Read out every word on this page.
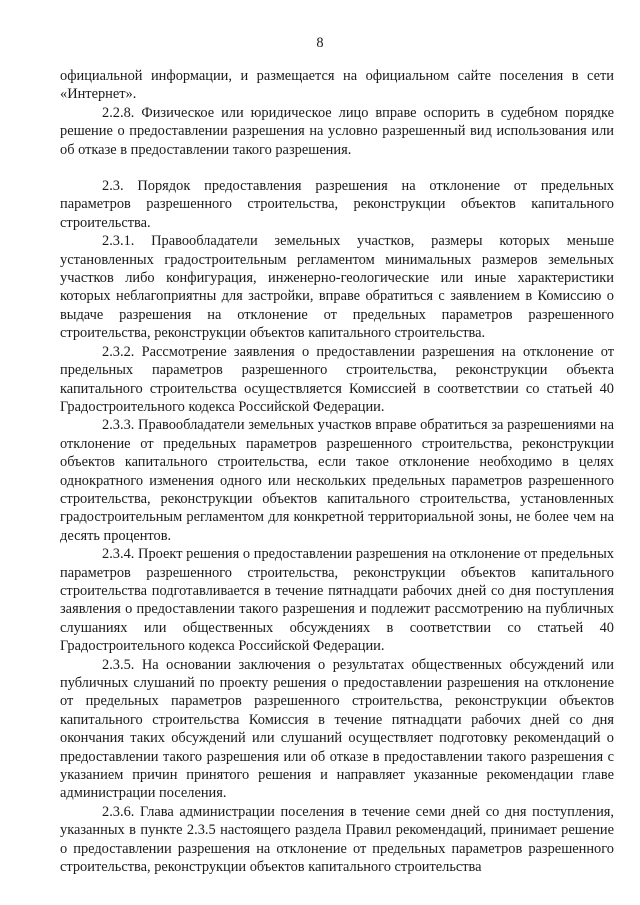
8

официальной информации, и размещается на официальном сайте поселения в сети «Интернет».

2.2.8. Физическое или юридическое лицо вправе оспорить в судебном порядке решение о предоставлении разрешения на условно разрешенный вид использования или об отказе в предоставлении такого разрешения.

2.3. Порядок предоставления разрешения на отклонение от предельных параметров разрешенного строительства, реконструкции объектов капитального строительства.

2.3.1. Правообладатели земельных участков, размеры которых меньше установленных градостроительным регламентом минимальных размеров земельных участков либо конфигурация, инженерно-геологические или иные характеристики которых неблагоприятны для застройки, вправе обратиться с заявлением в Комиссию о выдаче разрешения на отклонение от предельных параметров разрешенного строительства, реконструкции объектов капитального строительства.

2.3.2. Рассмотрение заявления о предоставлении разрешения на отклонение от предельных параметров разрешенного строительства, реконструкции объекта капитального строительства осуществляется Комиссией в соответствии со статьей 40 Градостроительного кодекса Российской Федерации.

2.3.3. Правообладатели земельных участков вправе обратиться за разрешениями на отклонение от предельных параметров разрешенного строительства, реконструкции объектов капитального строительства, если такое отклонение необходимо в целях однократного изменения одного или нескольких предельных параметров разрешенного строительства, реконструкции объектов капитального строительства, установленных градостроительным регламентом для конкретной территориальной зоны, не более чем на десять процентов.

2.3.4. Проект решения о предоставлении разрешения на отклонение от предельных параметров разрешенного строительства, реконструкции объектов капитального строительства подготавливается в течение пятнадцати рабочих дней со дня поступления заявления о предоставлении такого разрешения и подлежит рассмотрению на публичных слушаниях или общественных обсуждениях в соответствии со статьей 40 Градостроительного кодекса Российской Федерации.

2.3.5. На основании заключения о результатах общественных обсуждений или публичных слушаний по проекту решения о предоставлении разрешения на отклонение от предельных параметров разрешенного строительства, реконструкции объектов капитального строительства Комиссия в течение пятнадцати рабочих дней со дня окончания таких обсуждений или слушаний осуществляет подготовку рекомендаций о предоставлении такого разрешения или об отказе в предоставлении такого разрешения с указанием причин принятого решения и направляет указанные рекомендации главе администрации поселения.

2.3.6. Глава администрации поселения в течение семи дней со дня поступления, указанных в пункте 2.3.5 настоящего раздела Правил рекомендаций, принимает решение о предоставлении разрешения на отклонение от предельных параметров разрешенного строительства, реконструкции объектов капитального строительства
